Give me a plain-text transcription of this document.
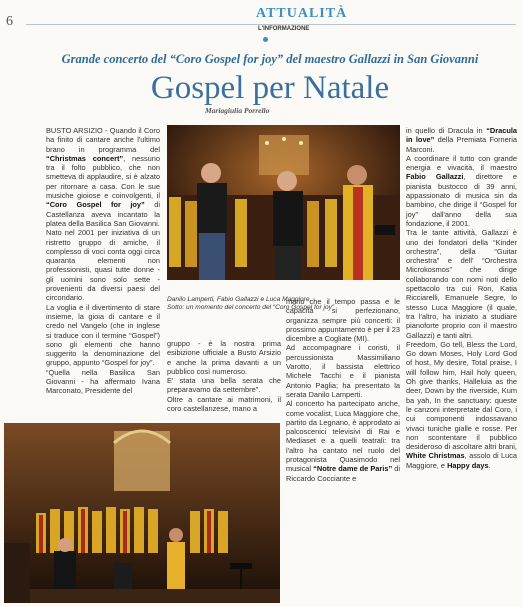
6
ATTUALITÀ
L'INFORMAZIONE
Grande concerto del “Coro Gospel for joy” del maestro Gallazzi in San Giovanni
Gospel per Natale
Mariagiulia Porrello

BUSTO ARSIZIO - Quando il Coro ha finito di cantare anche l'ultimo brano in programma del “Christmas concert”, nessuno tra il folto pubblico, che non smetteva di applaudire, si è alzato per ritornare a casa. Con le sue musiche gioiose e coinvolgenti, il “Coro Gospel for joy” di Castellanza aveva incantato la platea della Basilica San Giovanni.

Nato nel 2001 per iniziativa di un ristretto gruppo di amiche, il complesso di voci conta oggi circa quaranta elementi non professionisti, quasi tutte donne - gli uomini sono solo sette - provenienti da diversi paesi del circondario.

La voglia e il divertimento di stare insieme, la gioia di cantare e il credo nel Vangelo (che in inglese si traduce con il termine “Gospel”) sono gli elementi che hanno suggerito la denominazione del gruppo, appunto “Gospel for joy”.

“Quella nella Basilica San Giovanni - ha affermato Ivana Marconato, Presidente del

gruppo - è la nostra prima esibizione ufficiale a Busto Arsizio e anche la prima davanti a un pubblico così numeroso.

E' stata una bella serata che preparavamo da settembre”.

Oltre a cantare ai matrimoni, il coro castellanzese, mano a

mano che il tempo passa e le capacità si perfezionano, organizza sempre più concerti: il prossimo appuntamento è per il 23 dicembre a Cogliate (MI).

Ad accompagnare i coristi, il percussionista Massimiliano Varotto, il bassista elettrico Michele Tacchi e il pianista Antonio Paglia; ha presentato la serata Danilo Lamperti.

Al concerto ha partecipato anche, come vocalist, Luca Maggiore che, partito da Legnano, è approdato ai palcoscenici televisivi di Rai e Mediaset e a quelli teatrali: tra l'altro ha cantato nel ruolo del protagonista Quasimodo nel musical “Notre dame de Paris” di Riccardo Cocciante e

in quello di Dracula in “Dracula in love” della Premiata Forneria Marconi.

A coordinare il tutto con grande energia e vivacità, il maestro Fabio Gallazzi, direttore e pianista bustocco di 39 anni, appassionato di musica sin da bambino, che dirige il “Gospel for joy” dall'anno della sua fondazione, il 2001.

Tra le tante attività, Gallazzi è uno dei fondatori della “Kinder orchestra”, della “Guitar orchestra” e dell' “Orchestra Microkosmos” che dirige collaborando con nomi noti dello spettacolo tra cui Ron, Katia Ricciarelli, Emanuele Segre, lo stesso Luca Maggiore (il quale, tra l'altro, ha iniziato a studiare pianoforte proprio con il maestro Gallazzi) e tanti altri.

Freedom, Go tell, Bless the Lord, Go down Moses, Holy Lord God of host, My desire, Total praise, I will follow him, Hail holy queen, Oh give thanks, Halleluia as the deer, Down by the riverside, Kum ba yah, In the sanctuary: queste le canzoni interpretate dal Coro, i cui componenti indossavano vivaci tuniche gialle e rosse. Per non scontentare il pubblico desideroso di ascoltare altri brani, White Christmas, assolo di Luca Maggiore, e Happy days.

Danilo Lamperti, Fabio Gallazzi e Luca Maggiore.
Sotto: un momento del concerto del “Coro Gospel for joy”
